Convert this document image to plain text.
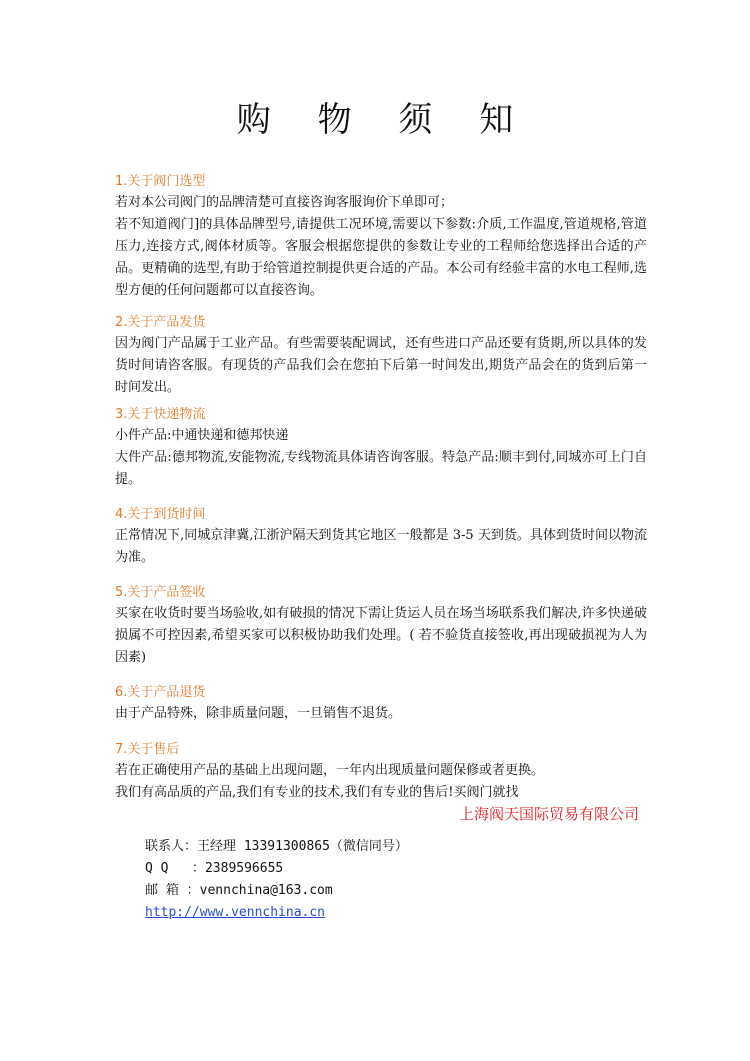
购 物 须 知
1.关于阀门选型

若对本公司阀门的品牌清楚可直接咨询客服询价下单即可；

若不知道阀门]的具体品牌型号,请提供工况环境,需要以下参数:介质,工作温度,管道规格,管道压力,连接方式,阀体材质等。客服会根据您提供的参数让专业的工程师给您选择出合适的产品。更精确的选型,有助于给管道控制提供更合适的产品。本公司有经验丰富的水电工程师,选型方便的任何问题都可以直接咨询。

2.关于产品发货

因为阀门产品属于工业产品。有些需要装配调试，还有些进口产品还要有货期,所以具体的发货时间请咨客服。有现货的产品我们会在您拍下后第一时间发出,期货产品会在的货到后第一时间发出。

3.关于快递物流

小件产品:中通快递和德邦快递

大件产品:德邦物流,安能物流,专线物流具体请咨询客服。特急产品:顺丰到付,同城亦可上门自提。

4.关于到货时间

正常情况下,同城京津冀,江浙沪隔天到货其它地区一般都是 3-5 天到货。具体到货时间以物流为准。

5.关于产品签收

买家在收货时要当场验收,如有破损的情况下需让货运人员在场当场联系我们解决,许多快递破损属不可控因素,希望买家可以积极协助我们处理。( 若不验货直接签收,再出现破损视为人为因素)

6.关于产品退货

由于产品特殊，除非质量问题，一旦销售不退货。

7.关于售后

若在正确使用产品的基础上出现问题，一年内出现质量问题保修或者更换。

我们有高品质的产品,我们有专业的技术,我们有专业的售后!买阀门就找

上海阀天国际贸易有限公司
联系人：王经理 13391300865（微信同号）
Q Q   ：2389596655
邮 箱 ：vennchina@163.com
http://www.vennchina.cn
